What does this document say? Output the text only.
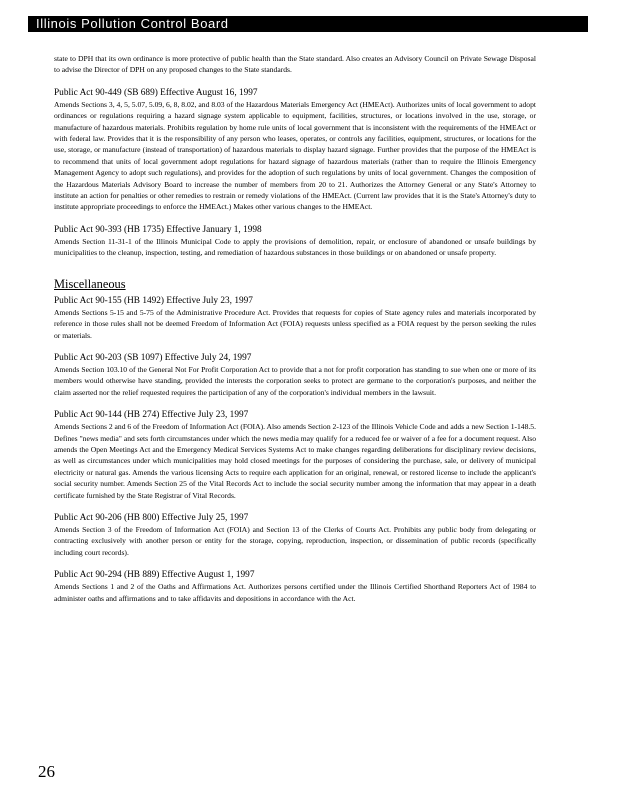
Illinois Pollution Control Board

state to DPH that its own ordinance is more protective of public health than the State standard. Also creates an Advisory Council on Private Sewage Disposal to advise the Director of DPH on any proposed changes to the State standards.

Public Act 90-449 (SB 689) Effective August 16, 1997

Amends Sections 3, 4, 5, 5.07, 5.09, 6, 8, 8.02, and 8.03 of the Hazardous Materials Emergency Act (HMEAct). Authorizes units of local government to adopt ordinances or regulations requiring a hazard signage system applicable to equipment, facilities, structures, or locations involved in the use, storage, or manufacture of hazardous materials. Prohibits regulation by home rule units of local government that is inconsistent with the requirements of the HMEAct or with federal law. Provides that it is the responsibility of any person who leases, operates, or controls any facilities, equipment, structures, or locations for the use, storage, or manufacture (instead of transportation) of hazardous materials to display hazard signage. Further provides that the purpose of the HMEAct is to recommend that units of local government adopt regulations for hazard signage of hazardous materials (rather than to require the Illinois Emergency Management Agency to adopt such regulations), and provides for the adoption of such regulations by units of local government. Changes the composition of the Hazardous Materials Advisory Board to increase the number of members from 20 to 21. Authorizes the Attorney General or any State's Attorney to institute an action for penalties or other remedies to restrain or remedy violations of the HMEAct. (Current law provides that it is the State's Attorney's duty to institute appropriate proceedings to enforce the HMEAct.) Makes other various changes to the HMEAct.

Public Act 90-393 (HB 1735) Effective January 1, 1998

Amends Section 11-31-1 of the Illinois Municipal Code to apply the provisions of demolition, repair, or enclosure of abandoned or unsafe buildings by municipalities to the cleanup, inspection, testing, and remediation of hazardous substances in those buildings or on abandoned or unsafe property.

Miscellaneous

Public Act 90-155 (HB 1492) Effective July 23, 1997

Amends Sections 5-15 and 5-75 of the Administrative Procedure Act. Provides that requests for copies of State agency rules and materials incorporated by reference in those rules shall not be deemed Freedom of Information Act (FOIA) requests unless specified as a FOIA request by the person seeking the rules or materials.

Public Act 90-203 (SB 1097) Effective July 24, 1997

Amends Section 103.10 of the General Not For Profit Corporation Act to provide that a not for profit corporation has standing to sue when one or more of its members would otherwise have standing, provided the interests the corporation seeks to protect are germane to the corporation's purposes, and neither the claim asserted nor the relief requested requires the participation of any of the corporation's individual members in the lawsuit.

Public Act 90-144 (HB 274) Effective July 23, 1997

Amends Sections 2 and 6 of the Freedom of Information Act (FOIA). Also amends Section 2-123 of the Illinois Vehicle Code and adds a new Section 1-148.5. Defines "news media" and sets forth circumstances under which the news media may qualify for a reduced fee or waiver of a fee for a document request. Also amends the Open Meetings Act and the Emergency Medical Services Systems Act to make changes regarding deliberations for disciplinary review decisions, as well as circumstances under which municipalities may hold closed meetings for the purposes of considering the purchase, sale, or delivery of municipal electricity or natural gas. Amends the various licensing Acts to require each application for an original, renewal, or restored license to include the applicant's social security number. Amends Section 25 of the Vital Records Act to include the social security number among the information that may appear in a death certificate furnished by the State Registrar of Vital Records.

Public Act 90-206 (HB 800) Effective July 25, 1997

Amends Section 3 of the Freedom of Information Act (FOIA) and Section 13 of the Clerks of Courts Act. Prohibits any public body from delegating or contracting exclusively with another person or entity for the storage, copying, reproduction, inspection, or dissemination of public records (specifically including court records).

Public Act 90-294 (HB 889) Effective August 1, 1997

Amends Sections 1 and 2 of the Oaths and Affirmations Act. Authorizes persons certified under the Illinois Certified Shorthand Reporters Act of 1984 to administer oaths and affirmations and to take affidavits and depositions in accordance with the Act.

26
